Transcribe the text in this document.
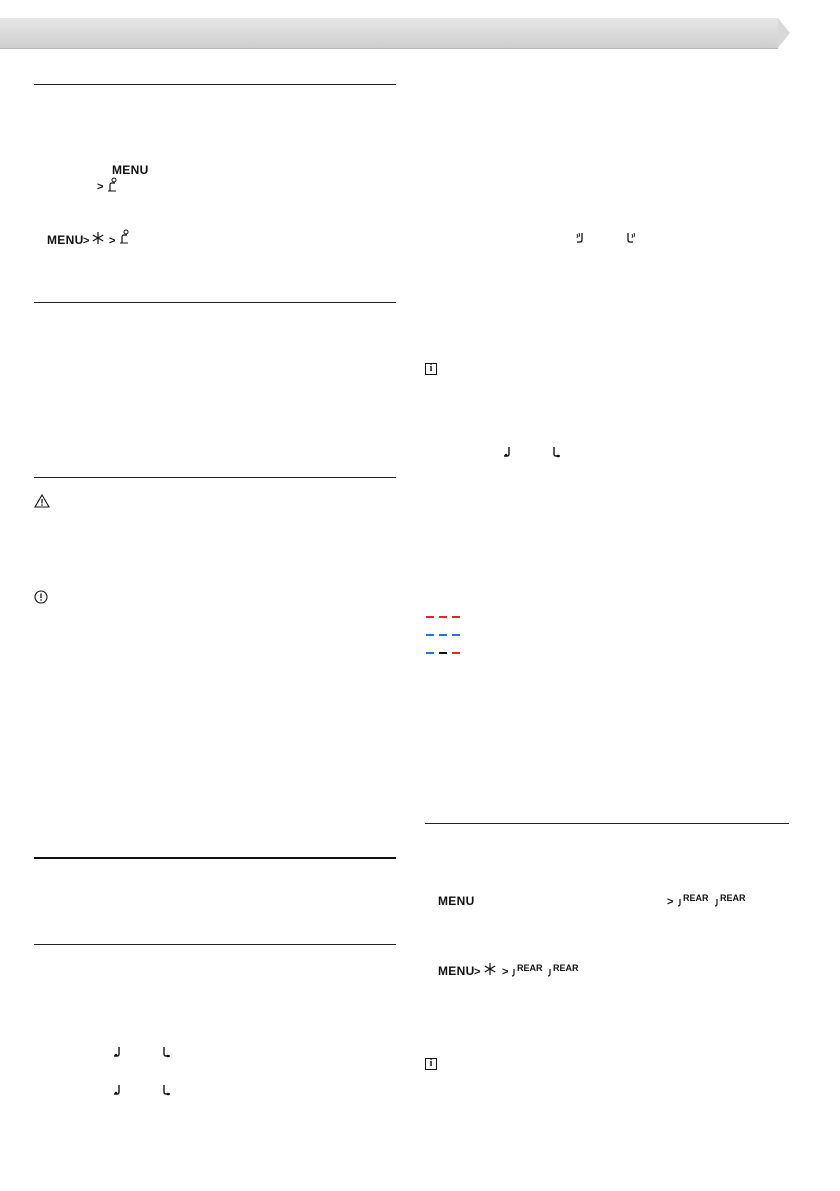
MENU
>
MENU > >
i
MENU	> REAR REAR
MENU > > REAR REAR
i
